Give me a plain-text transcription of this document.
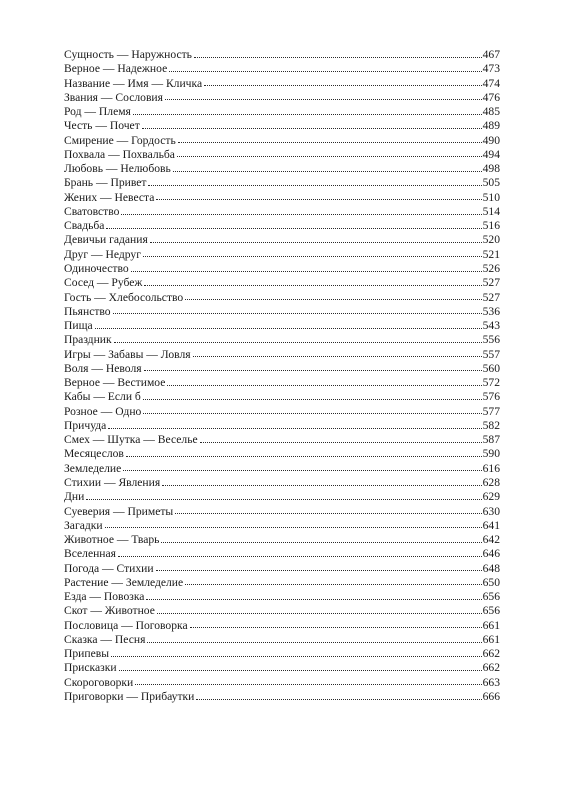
Сущность — Наружность	467
Верное — Надежное	473
Название — Имя — Кличка	474
Звания — Сословия	476
Род — Племя	485
Честь — Почет	489
Смирение — Гордость	490
Похвала — Похвальба	494
Любовь — Нелюбовь	498
Брань — Привет	505
Жених — Невеста	510
Сватовство	514
Свадьба	516
Девичьи гадания	520
Друг — Недруг	521
Одиночество	526
Сосед — Рубеж	527
Гость — Хлебосольство	527
Пьянство	536
Пища	543
Праздник	556
Игры — Забавы — Ловля	557
Воля — Неволя	560
Верное — Вестимое	572
Кабы — Если б	576
Розное — Одно	577
Причуда	582
Смех — Шутка — Веселье	587
Месяцеслов	590
Земледелие	616
Стихии — Явления	628
Дни	629
Суеверия — Приметы	630
Загадки	641
Животное — Тварь	642
Вселенная	646
Погода — Стихии	648
Растение — Земледелие	650
Езда — Повозка	656
Скот — Животное	656
Пословица — Поговорка	661
Сказка — Песня	661
Припевы	662
Присказки	662
Скороговорки	663
Приговорки — Прибаутки	666
